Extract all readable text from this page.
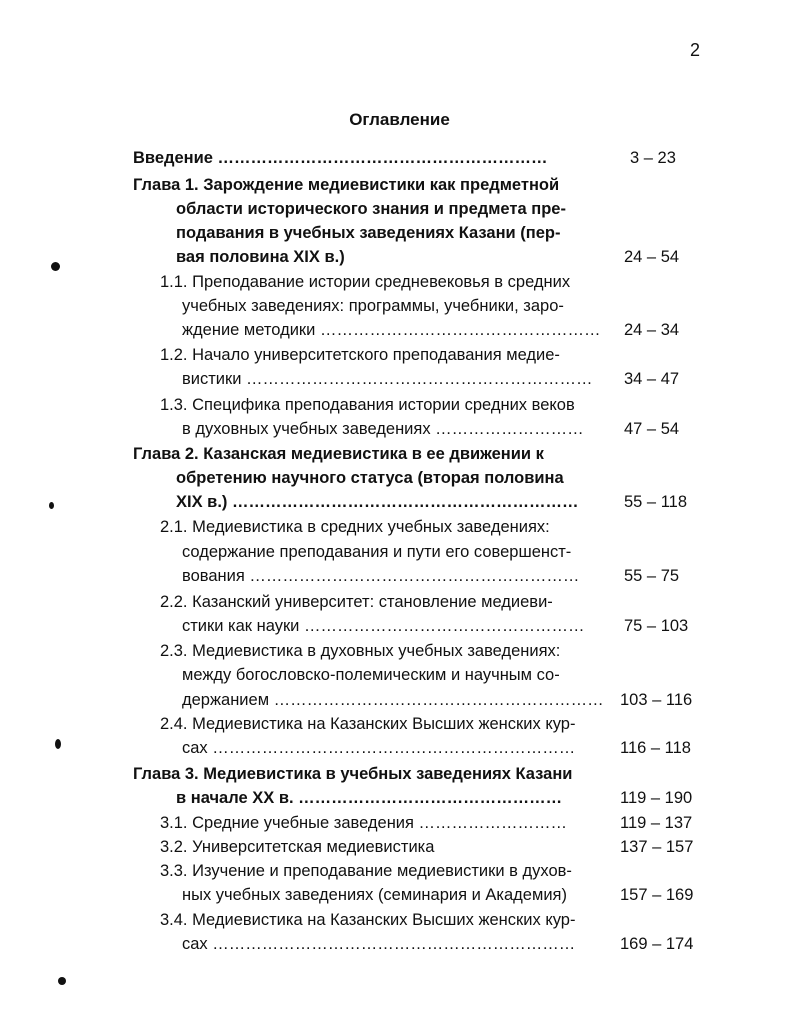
2
Оглавление
Введение ……………………………………………………	3 – 23
Глава 1. Зарождение медиевистики как предметной
области исторического знания и предмета пре-
подавания в учебных заведениях Казани (пер-
вая половина XIX в.)	24 – 54
1.1. Преподавание истории средневековья в средних
учебных заведениях: программы, учебники, заро-
ждение методики …………………………………………… 24 – 34
1.2. Начало университетского преподавания медие-
вистики ……………………………………………………… 34 – 47
1.3. Специфика преподавания истории средних веков
в духовных учебных заведениях ……………………… 47 – 54
Глава 2. Казанская медиевистика в ее движении к
обретению научного статуса (вторая половина
XIX в.) ………………………………………………………	55 – 118
2.1. Медиевистика в средних учебных заведениях:
содержание преподавания и пути его совершенст-
вования ……………………………………………………	55 – 75
2.2. Казанский университет: становление медиеви-
стики как науки …………………………………………… 75 – 103
2.3. Медиевистика в духовных учебных заведениях:
между богословско-полемическим и научным со-
держанием …………………………………………………… 103 – 116
2.4. Медиевистика на Казанских Высших женских кур-
сах …………………………………………………………	116 – 118
Глава 3. Медиевистика в учебных заведениях Казани
в начале XX в. …………………………………………	119 – 190
3.1. Средние учебные заведения ………………………	119 – 137
3.2. Университетская медиевистика	137 – 157
3.3. Изучение и преподавание медиевистики в духов-
ных учебных заведениях (семинария и Академия)	157 – 169
3.4. Медиевистика на Казанских Высших женских кур-
сах …………………………………………………………	169 – 174
